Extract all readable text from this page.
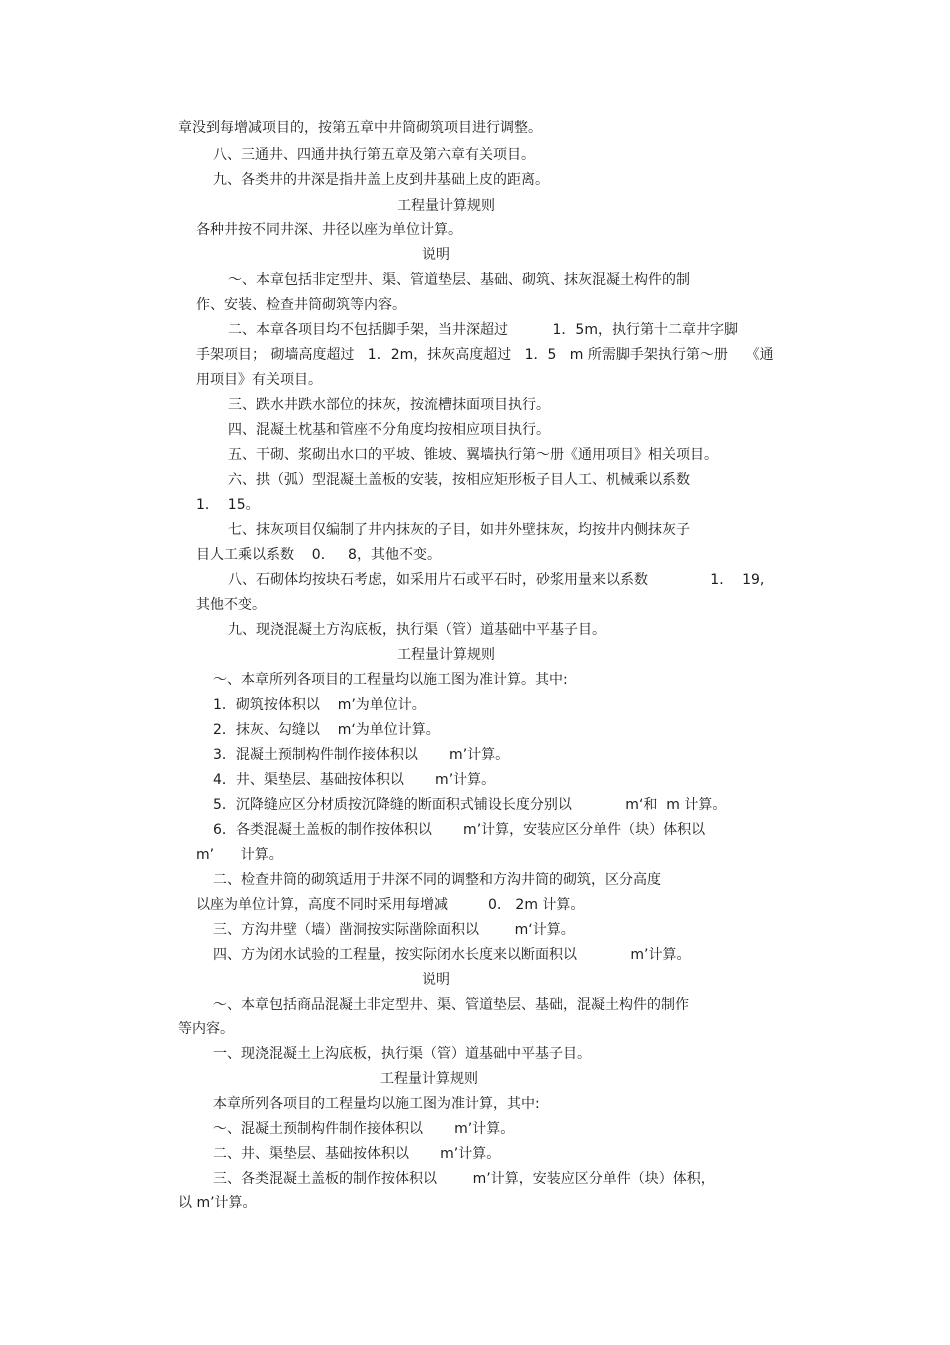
章没到每增减项目的，按第五章中井筒砌筑项目进行调整。
八、三通井、四通井执行第五章及第六章有关项目。
九、各类井的井深是指井盖上皮到井基础上皮的距离。
工程量计算规则
各种井按不同井深、井径以座为单位计算。
说明
〜、本章包括非定型井、渠、管道垫层、基础、砌筑、抹灰混凝土构件的制
作、安装、检查井筒砌筑等内容。
二、本章各项目均不包括脚手架，当井深超过          1．5m，执行第十二章井字脚
手架项目； 砌墙高度超过   1．2m，抹灰高度超过   1．5   m 所需脚手架执行第〜册    《通
用项目》有关项目。
三、跌水井跌水部位的抹灰，按流槽抹面项目执行。
四、混凝土枕基和管座不分角度均按相应项目执行。
五、干砌、浆砌出水口的平坡、锥坡、翼墙执行第〜册《通用项目》相关项目。
六、拱（弧）型混凝土盖板的安装，按相应矩形板子目人工、机械乘以系数
1．  15。
七、抹灰项目仅编制了井内抹灰的子目，如井外壁抹灰，均按井内侧抹灰子
目人工乘以系数    0．   8，其他不变。
八、石砌体均按块石考虑，如采用片石或平石时，砂浆用量来以系数              1．  19,
其他不变。
九、现浇混凝土方沟底板，执行渠（管）道基础中平基子目。
工程量计算规则
〜、本章所列各项目的工程量均以施工图为准计算。其中:
1．砌筑按体积以    m’为单位计。
2．抹灰、勾缝以    m‘为单位计算。
3．混凝土预制构件制作接体积以       m’计算。
4．井、渠垫层、基础按体积以       m’计算。
5．沉降缝应区分材质按沉降缝的断面积式铺设长度分别以            m‘和  m 计算。
6．各类混凝土盖板的制作按体积以       m’计算，安装应区分单件（块）体积以
m’      计算。
二、检查井筒的砌筑适用于井深不同的调整和方沟井筒的砌筑，区分高度
以座为单位计算，高度不同时采用每增减         0． 2m 计算。
三、方沟井壁（墙）凿洞按实际凿除面积以        m‘计算。
四、方为闭水试验的工程量，按实际闭水长度来以断面积以            m’计算。
说明
〜、本章包括商品混凝土非定型井、渠、管道垫层、基础，混凝土构件的制作
等内容。
一、现浇混凝土上沟底板，执行渠（管）道基础中平基子目。
工程量计算规则
本章所列各项目的工程量均以施工图为准计算，其中:
〜、混凝土预制构件制作接体积以       m’计算。
二、井、渠垫层、基础按体积以       m’计算。
三、各类混凝土盖板的制作按体积以        m’计算，安装应区分单件（块）体积，
以 m’计算。
